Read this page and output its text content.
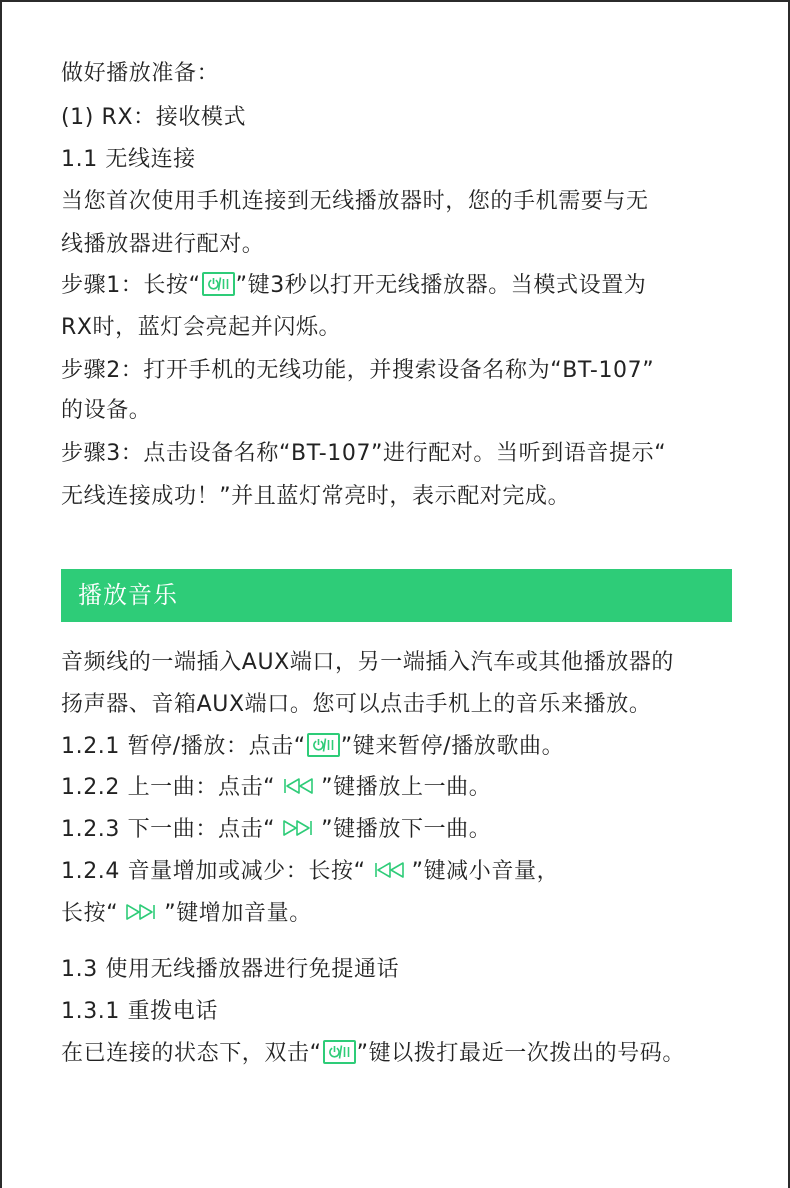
做好播放准备：
(1) RX：接收模式
1.1 无线连接
当您首次使用手机连接到无线播放器时，您的手机需要与无
线播放器进行配对。
步骤1：长按“ ”键3秒以打开无线播放器。当模式设置为
RX时，蓝灯会亮起并闪烁。
步骤2：打开手机的无线功能，并搜索设备名称为“BT-107”
的设备。
步骤3：点击设备名称“BT-107”进行配对。当听到语音提示“
无线连接成功！”并且蓝灯常亮时，表示配对完成。
播放音乐
音频线的一端插入AUX端口，另一端插入汽车或其他播放器的
扬声器、音箱AUX端口。您可以点击手机上的音乐来播放。
1.2.1 暂停/播放：点击“ ”键来暂停/播放歌曲。
1.2.2 上一曲：点击“ ”键播放上一曲。
1.2.3 下一曲：点击“ ”键播放下一曲。
1.2.4 音量增加或减少：长按“ ”键减小音量，
长按“ ”键增加音量。
1.3 使用无线播放器进行免提通话
1.3.1 重拨电话
在已连接的状态下，双击“ ”键以拨打最近一次拨出的号码。
